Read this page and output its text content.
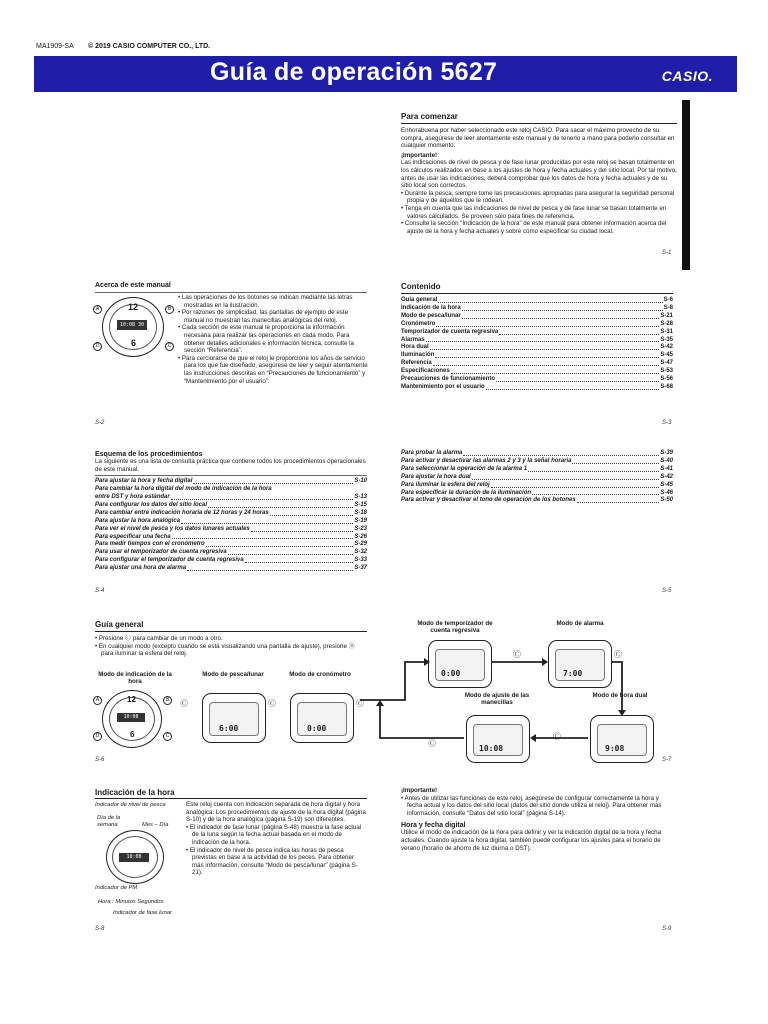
MA1909-SA © 2019 CASIO COMPUTER CO., LTD.
Guía de operación 5627	CASIO.
Para comenzar
Enhorabuena por haber seleccionado este reloj CASIO. Para sacar el máximo provecho de su compra, asegúrese de leer atentamente este manual y de tenerlo a mano para poderlo consultar en cualquier momento.
¡Importante!
Las indicaciones de nivel de pesca y de fase lunar producidas por este reloj se basan totalmente en los cálculos realizados en base a los ajustes de hora y fecha actuales y del sitio local. Por tal motivo, antes de usar las indicaciones, deberá comprobar que los datos de hora y fecha actuales y de su sitio local son correctos.
• Durante la pesca, siempre tome las precauciones apropiadas para asegurar la seguridad personal propia y de aquellos que le rodean.
• Tenga en cuenta que las indicaciones de nivel de pesca y de fase lunar se basan totalmente en valores calculados. Se proveen sólo para fines de referencia.
• Consulte la sección “Indicación de la hora” de este manual para obtener información acerca del ajuste de la hora y fecha actuales y sobre cómo especificar su ciudad local.
S-1
Acerca de este manual
12
6
10:08 30
A	B
C
D
• Las operaciones de los botones se indican mediante las letras mostradas en la ilustración.
• Por razones de simplicidad, las pantallas de ejemplo de este manual no muestran las manecillas analógicas del reloj.
• Cada sección de este manual le proporciona la información necesaria para realizar las operaciones en cada modo. Para obtener detalles adicionales e información técnica, consulte la sección “Referencia”.
• Para cerciorarse de que el reloj le proporcione los años de servicio para los que fue diseñado, asegúrese de leer y seguir atentamente las instrucciones descritas en “Precauciones de funcionamiento” y “Mantenimiento por el usuario”.
S-2
Contenido
Guía general	S-6
Indicación de la hora	S-8
Modo de pesca/lunar	S-21
Cronómetro	S-28
Temporizador de cuenta regresiva	S-31
Alarmas	S-35
Hora dual	S-42
Iluminación	S-45
Referencia	S-47
Especificaciones	S-53
Precauciones de funcionamiento	S-56
Mantenimiento por el usuario	S-68
S-3
Esquema de los procedimientos
La siguiente es una lista de consulta práctica que contiene todos los procedimientos operacionales de este manual.
Para ajustar la hora y fecha digital	S-10
Para cambiar la hora digital del modo de indicación de la hora
entre DST y hora estándar	S-13
Para configurar los datos del sitio local	S-15
Para cambiar entre indicación horaria de 12 horas y 24 horas	S-18
Para ajustar la hora analógica	S-19
Para ver el nivel de pesca y los datos lunares actuales	S-23
Para especificar una fecha	S-26
Para medir tiempos con el cronómetro	S-29
Para usar el temporizador de cuenta regresiva	S-32
Para configurar el temporizador de cuenta regresiva	S-33
Para ajustar una hora de alarma	S-37
S-4
Para probar la alarma	S-39
Para activar y desactivar las alarmas 2 y 3 y la señal horaria	S-40
Para seleccionar la operación de la alarma 1	S-41
Para ajustar la hora dual	S-42
Para iluminar la esfera del reloj	S-45
Para especificar la duración de la iluminación	S-46
Para activar y desactivar el tono de operación de los botones	S-50
S-5
Guía general
• Presione Ⓒ para cambiar de un modo a otro.
• En cualquier modo (excepto cuando se está visualizando una pantalla de ajuste), presione Ⓑ para iluminar la esfera del reloj.
Modo de indicación de la hora
Modo de pesca/lunar	Modo de cronómetro
12
6
10:08
A	B
C
D
6:00	0:00
Ⓒ	Ⓒ	Ⓒ
S-6
Modo de temporizador de cuenta regresiva
Modo de alarma
Modo de ajuste de las manecillas
Modo de hora dual
0:00	7:00
10:08	9:08
Ⓒ	Ⓒ
Ⓒ
Ⓒ
S-7
Indicación de la hora
Indicador de nivel de pesca
Día de la semana	Mes – Día
10:08
Indicador de PM
Hora : Minutos Segundos
Indicador de fase lunar
Este reloj cuenta con indicación separada de hora digital y hora analógica. Los procedimientos de ajuste de la hora digital (página S-10) y de la hora analógica (página S-19) son diferentes.
• El indicador de fase lunar (página S-48) muestra la fase actual de la luna según la fecha actual basada en el modo de indicación de la hora.
• El indicador de nivel de pesca indica las horas de pesca previstas en base a la actividad de los peces. Para obtener más información, consulte “Modo de pesca/lunar” (página S-21).
S-8
¡Importante!
• Antes de utilizar las funciones de este reloj, asegúrese de configurar correctamente la hora y fecha actual y los datos del sitio local (datos del sitio donde utiliza el reloj). Para obtener más información, consulte “Datos del sitio local” (página S-14).
Hora y fecha digital
Utilice el modo de indicación de la hora para definir y ver la indicación digital de la hora y fecha actuales. Cuando ajuste la hora digital, también puede configurar los ajustes para el horario de verano (horario de ahorro de luz diurna o DST).
S-9
